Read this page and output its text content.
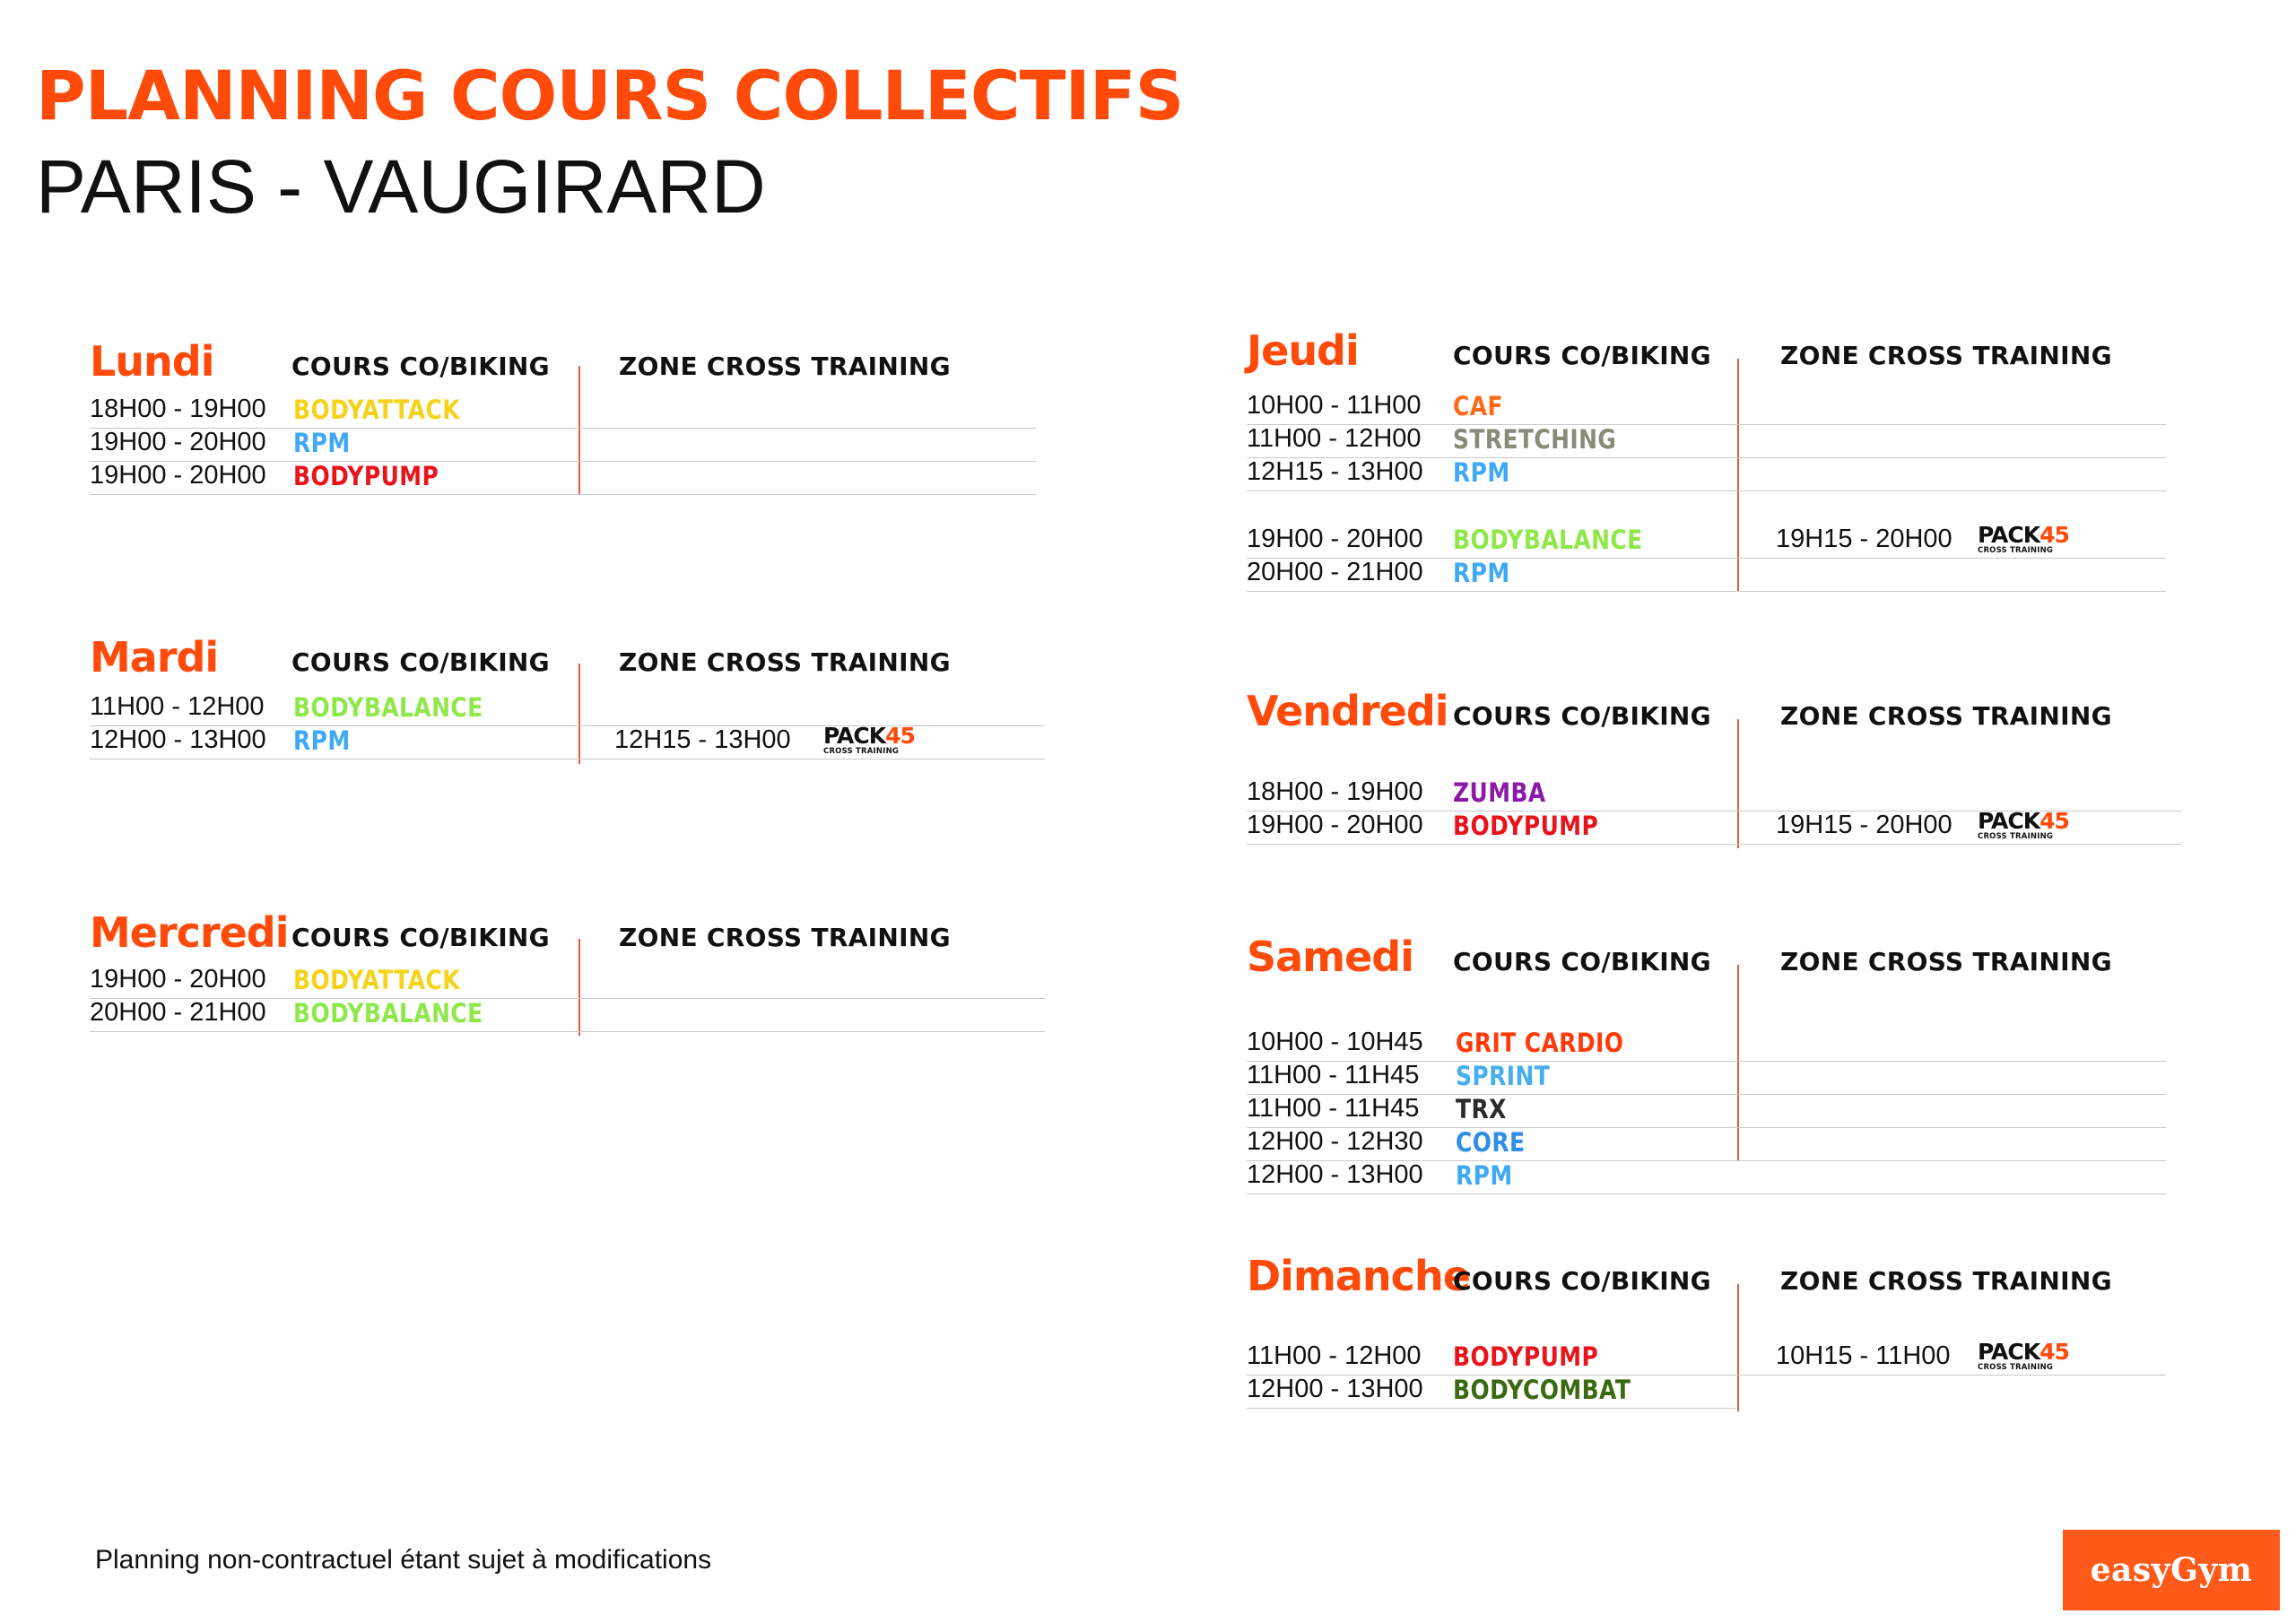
PLANNING COURS COLLECTIFS
PARIS - VAUGIRARD
Lundi	COURS CO/BIKING	ZONE CROSS TRAINING
18H00 - 19H00 BODYATTACK
19H00 - 20H00 RPM
19H00 - 20H00 BODYPUMP
Mardi	COURS CO/BIKING	ZONE CROSS TRAINING
11H00 - 12H00 BODYBALANCE
12H00 - 13H00 RPM	12H15 - 13H00 PACK45
CROSS TRAINING
Mercredi COURS CO/BIKING	ZONE CROSS TRAINING
19H00 - 20H00 BODYATTACK
20H00 - 21H00 BODYBALANCE
Jeudi	COURS CO/BIKING	ZONE CROSS TRAINING
10H00 - 11H00 CAF
11H00 - 12H00 STRETCHING
12H15 - 13H00 RPM
19H00 - 20H00 BODYBALANCE	19H15 - 20H00 PACK45
CROSS TRAINING
20H00 - 21H00 RPM
Vendredi COURS CO/BIKING	ZONE CROSS TRAINING
18H00 - 19H00 ZUMBA
19H00 - 20H00 BODYPUMP	19H15 - 20H00 PACK45
CROSS TRAINING
Samedi COURS CO/BIKING	ZONE CROSS TRAINING
10H00 - 10H45 GRIT CARDIO
11H00 - 11H45 SPRINT
11H00 - 11H45 TRX
12H00 - 12H30 CORE
12H00 - 13H00 RPM
Dimanche
COURS CO/BIKING	ZONE CROSS TRAINING
11H00 - 12H00 BODYPUMP	10H15 - 11H00 PACK45
CROSS TRAINING
12H00 - 13H00 BODYCOMBAT

Planning non-contractuel étant sujet à modifications	easyGym
